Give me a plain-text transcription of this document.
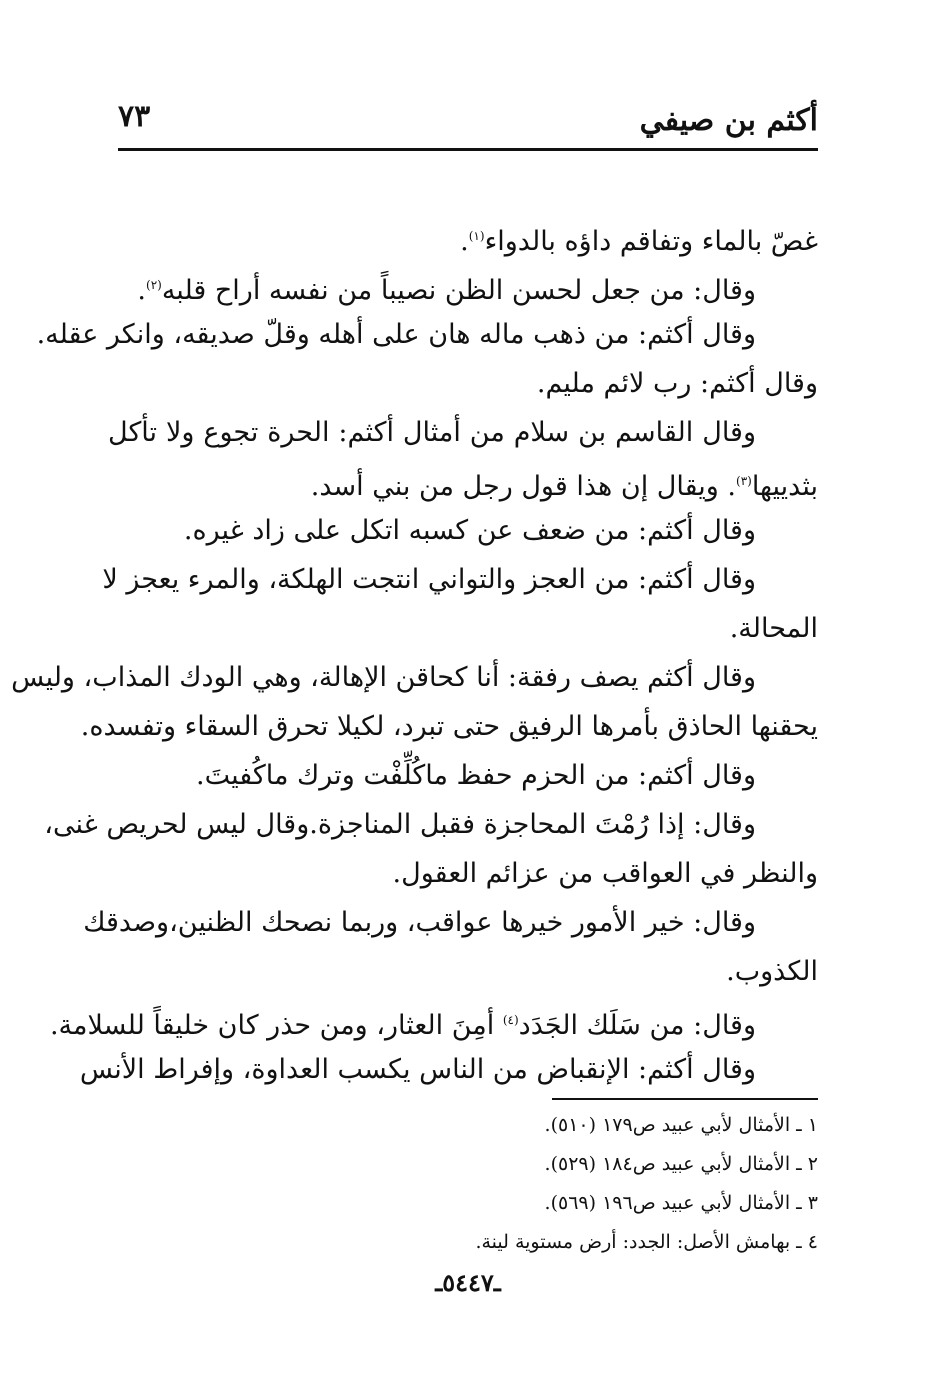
أكثم بن صيفي
٧٣
غصّ بالماء وتفاقم داؤه بالدواء$^{(١)}$.
وقال: من جعل لحسن الظن نصيباً من نفسه أراح قلبه$^{(٢)}$.
وقال أكثم: من ذهب ماله هان على أهله وقلّ صديقه، وانكر عقله.
وقال أكثم: رب لائم مليم.
وقال القاسم بن سلام من أمثال أكثم: الحرة تجوع ولا تأكل
بثدييها$^{(٣)}$. ويقال إن هذا قول رجل من بني أسد.
وقال أكثم: من ضعف عن كسبه اتكل على زاد غيره.
وقال أكثم: من العجز والتواني انتجت الهلكة، والمرء يعجز لا
المحالة.
وقال أكثم يصف رفقة: أنا كحاقن الإهالة، وهي الودك المذاب، وليس
يحقنها الحاذق بأمرها الرفيق حتى تبرد، لكيلا تحرق السقاء وتفسده.
وقال أكثم: من الحزم حفظ ماكُلِّفْت وترك ماكُفيتَ.
وقال: إذا رُمْتَ المحاجزة فقبل المناجزة.وقال ليس لحريص غنى،
والنظر في العواقب من عزائم العقول.
وقال: خير الأمور خيرها عواقب، وربما نصحك الظنين،وصدقك
الكذوب.
وقال: من سَلَك الجَدَد$^{(٤)}$ أمِنَ العثار، ومن حذر كان خليقاً للسلامة.
وقال أكثم: الإنقباض من الناس يكسب العداوة، وإفراط الأنس
١ ـ الأمثال لأبي عبيد ص١٧٩ (٥١٠).
٢ ـ الأمثال لأبي عبيد ص١٨٤ (٥٢٩).
٣ ـ الأمثال لأبي عبيد ص١٩٦ (٥٦٩).
٤ ـ بهامش الأصل: الجدد: أرض مستوية لينة.
ـ٥٤٤٧ـ
